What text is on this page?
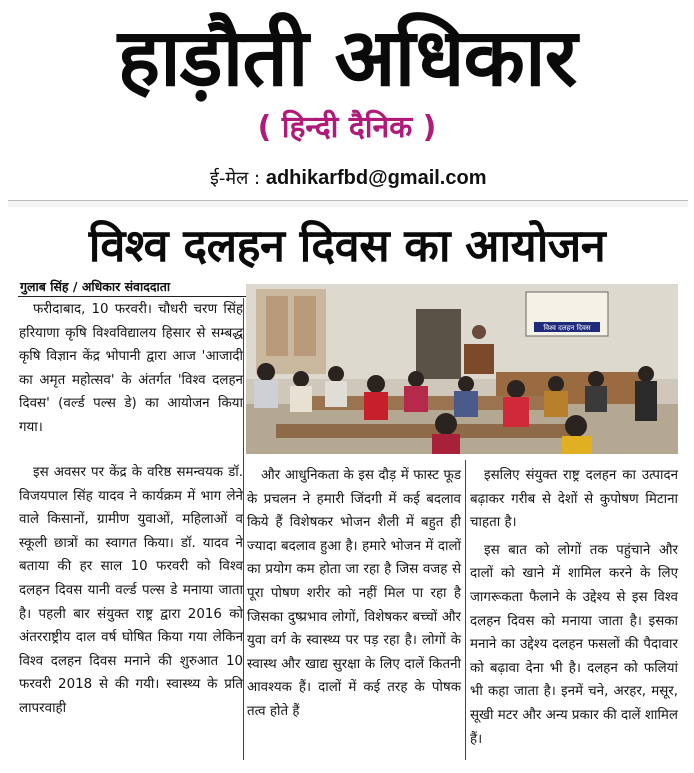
हाड़ौती अधिकार
( हिन्दी दैनिक )
ई-मेल : adhikarfbd@gmail.com
विश्व दलहन दिवस का आयोजन
गुलाब सिंह / अधिकार संवाददाता

फरीदाबाद, 10 फरवरी। चौधरी चरण सिंह हरियाणा कृषि विश्वविद्यालय हिसार से सम्बद्ध कृषि विज्ञान केंद्र भोपानी द्वारा आज 'आजादी का अमृत महोत्सव' के अंतर्गत 'विश्व दलहन दिवस' (वर्ल्ड पल्स डे) का आयोजन किया गया।

इस अवसर पर केंद्र के वरिष्ठ समन्वयक डॉ. विजयपाल सिंह यादव ने कार्यक्रम में भाग लेने वाले किसानों, ग्रामीण युवाओं, महिलाओं व स्कूली छात्रों का स्वागत किया। डॉ. यादव ने बताया की हर साल 10 फरवरी को विश्व दलहन दिवस यानी वर्ल्ड पल्स डे मनाया जाता है। पहली बार संयुक्त राष्ट्र द्वारा 2016 को अंतरराष्ट्रीय दाल वर्ष घोषित किया गया लेकिन विश्व दलहन दिवस मनाने की शुरुआत 10 फरवरी 2018 से की गयी। स्वास्थ्य के प्रति लापरवाही

विश्व दलहन दिवस

और आधुनिकता के इस दौड़ में फास्ट फूड के प्रचलन ने हमारी जिंदगी में कई बदलाव किये हैं विशेषकर भोजन शैली में बहुत ही ज्यादा बदलाव हुआ है। हमारे भोजन में दालों का प्रयोग कम होता जा रहा है जिस वजह से पूरा पोषण शरीर को नहीं मिल पा रहा है जिसका दुष्प्रभाव लोगों, विशेषकर बच्चों और युवा वर्ग के स्वास्थ्य पर पड़ रहा है। लोगों के स्वास्थ और खाद्य सुरक्षा के लिए दालें कितनी आवश्यक हैं। दालों में कई तरह के पोषक तत्व होते हैं

इसलिए संयुक्त राष्ट्र दलहन का उत्पादन बढ़ाकर गरीब से देशों से कुपोषण मिटाना चाहता है।

इस बात को लोगों तक पहुंचाने और दालों को खाने में शामिल करने के लिए जागरूकता फैलाने के उद्देश्य से इस विश्व दलहन दिवस को मनाया जाता है। इसका मनाने का उद्देश्य दलहन फसलों की पैदावार को बढ़ावा देना भी है। दलहन को फलियां भी कहा जाता है। इनमें चने, अरहर, मसूर, सूखी मटर और अन्य प्रकार की दालें शामिल हैं।
